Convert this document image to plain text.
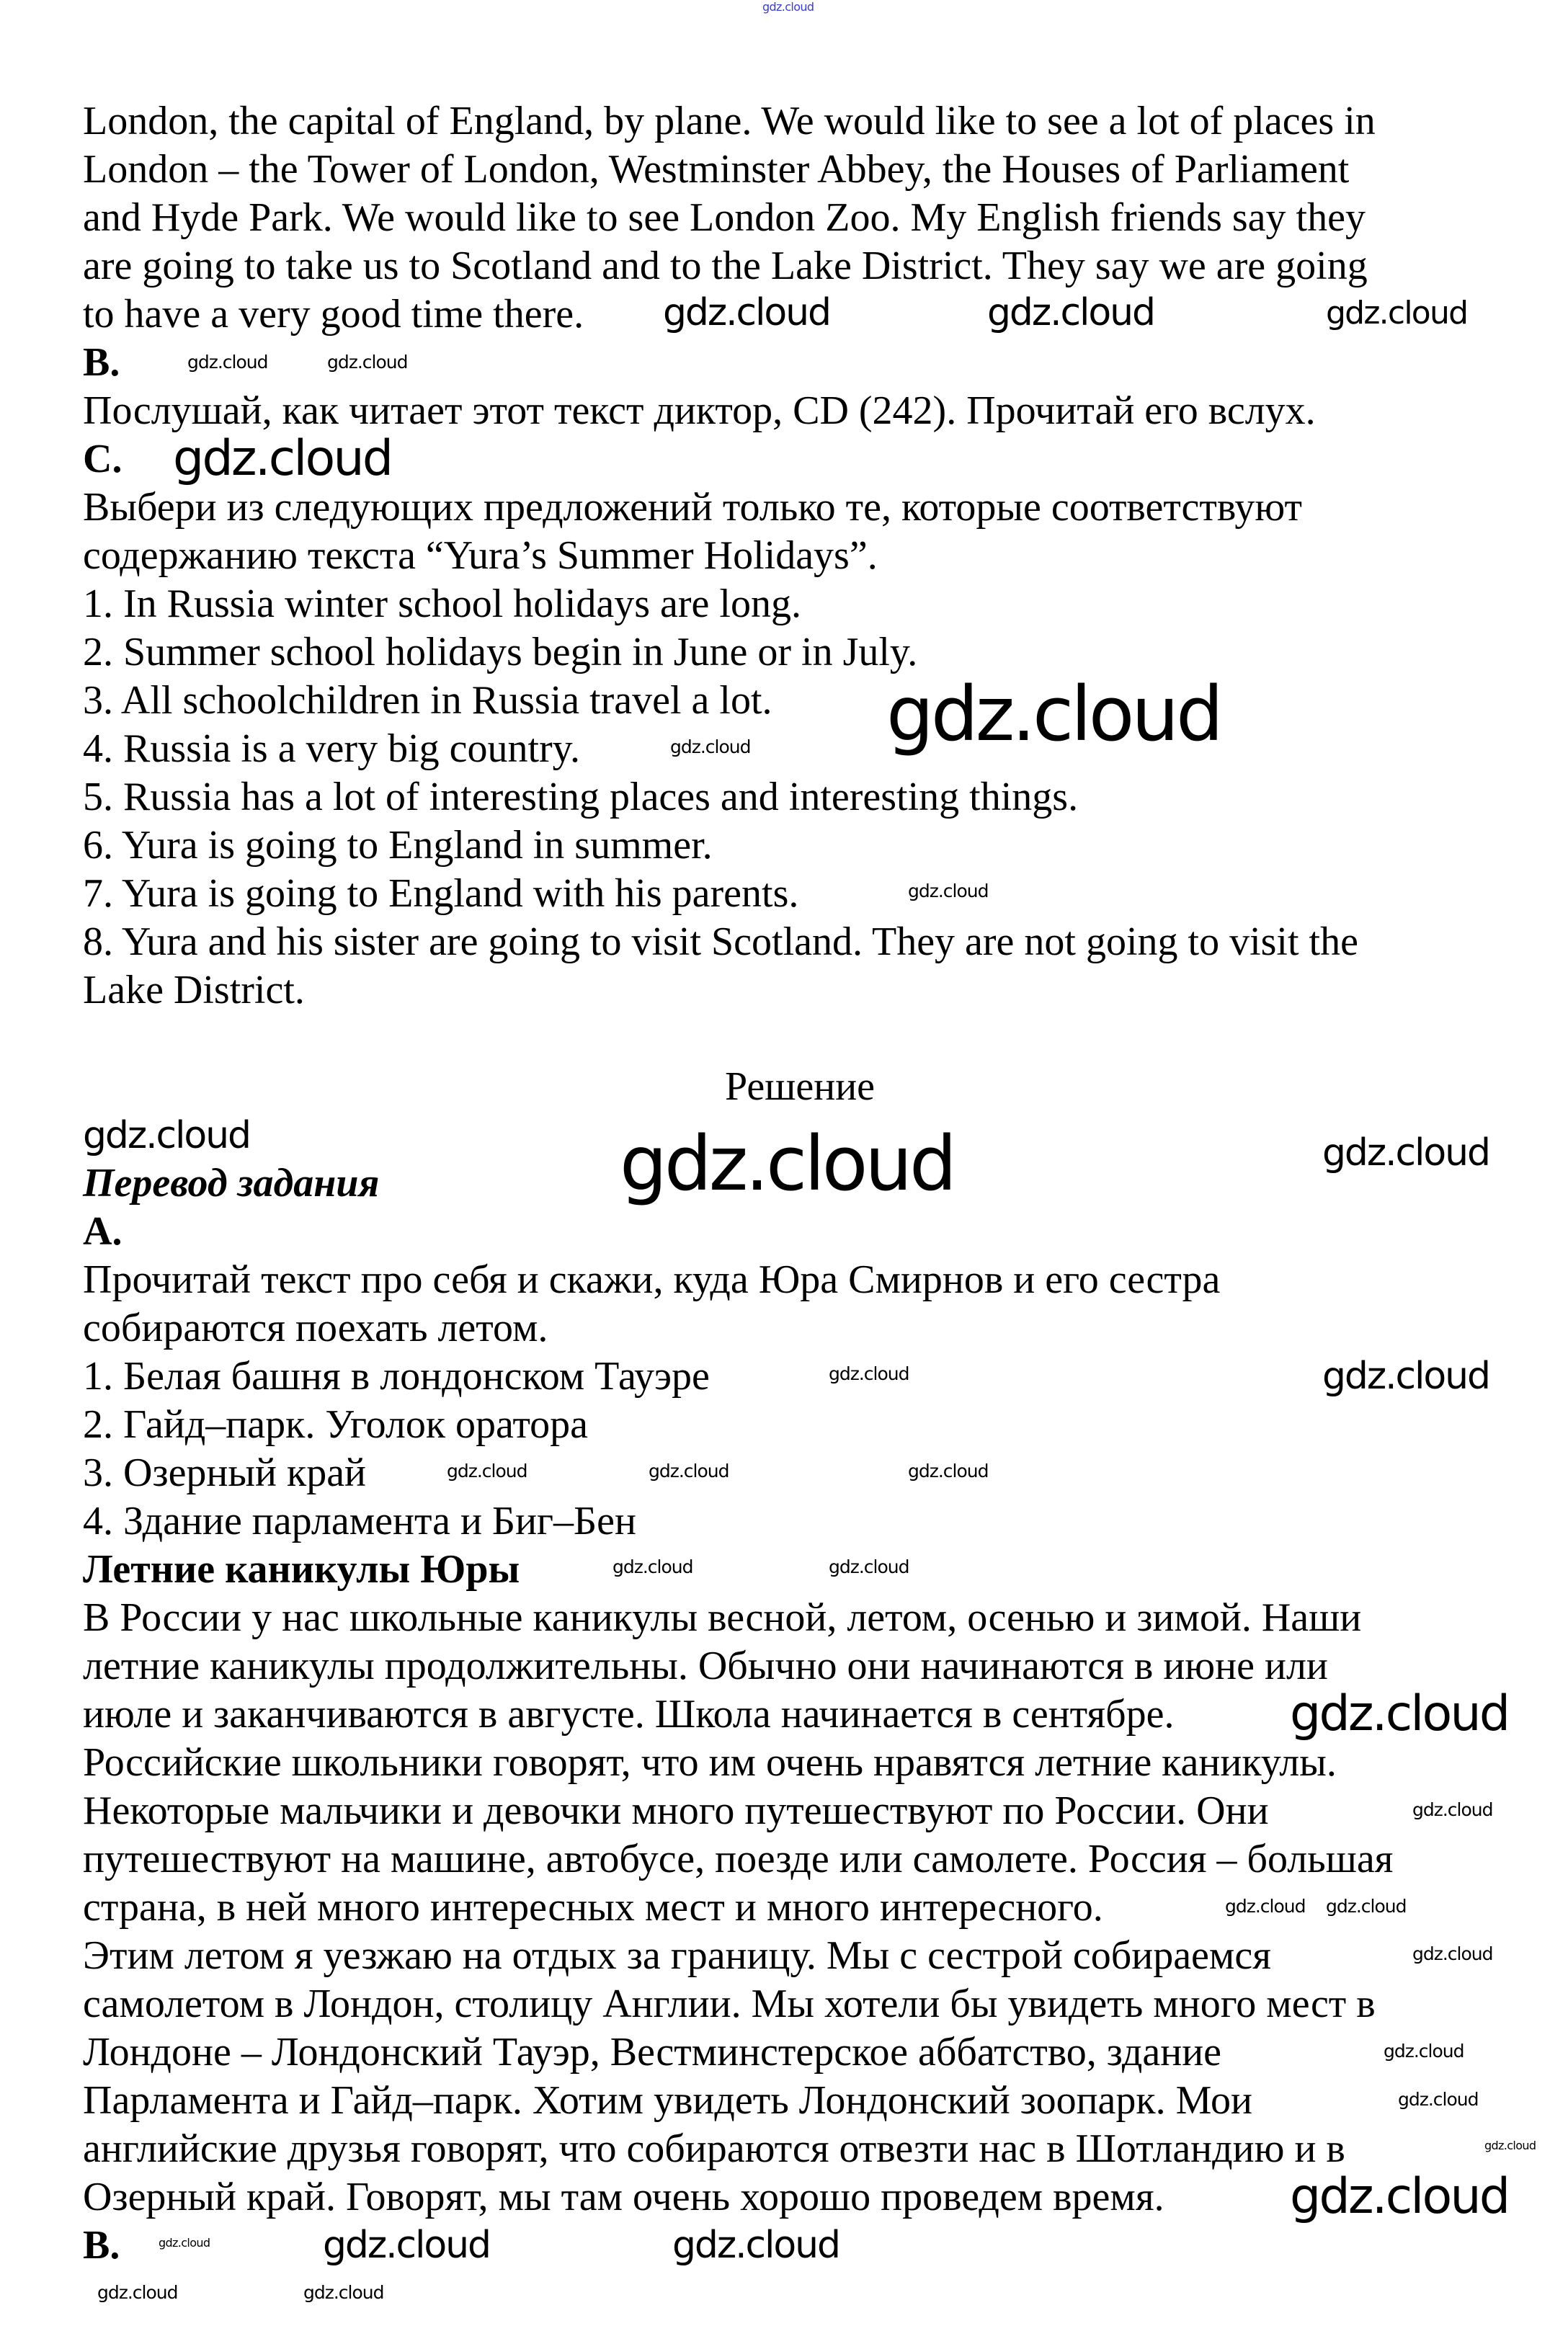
London, the capital of England, by plane. We would like to see a lot of places in
London – the Tower of London, Westminster Abbey, the Houses of Parliament
and Hyde Park. We would like to see London Zoo. My English friends say they
are going to take us to Scotland and to the Lake District. They say we are going
to have a very good time there.
B.
Послушай, как читает этот текст диктор, CD (242). Прочитай его вслух.
C.
Выбери из следующих предложений только те, которые соответствуют
содержанию текста “Yura’s Summer Holidays”.
1. In Russia winter school holidays are long.
2. Summer school holidays begin in June or in July.
3. All schoolchildren in Russia travel a lot.
4. Russia is a very big country.
5. Russia has a lot of interesting places and interesting things.
6. Yura is going to England in summer.
7. Yura is going to England with his parents.
8. Yura and his sister are going to visit Scotland. They are not going to visit the
Lake District.
Решение
Перевод задания
A.
Прочитай текст про себя и скажи, куда Юра Смирнов и его сестра
собираются поехать летом.
1. Белая башня в лондонском Тауэре
2. Гайд–парк. Уголок оратора
3. Озерный край
4. Здание парламента и Биг–Бен
Летние каникулы Юры
В России у нас школьные каникулы весной, летом, осенью и зимой. Наши
летние каникулы продолжительны. Обычно они начинаются в июне или
июле и заканчиваются в августе. Школа начинается в сентябре.
Российские школьники говорят, что им очень нравятся летние каникулы.
Некоторые мальчики и девочки много путешествуют по России. Они
путешествуют на машине, автобусе, поезде или самолете. Россия – большая
страна, в ней много интересных мест и много интересного.
Этим летом я уезжаю на отдых за границу. Мы с сестрой собираемся
самолетом в Лондон, столицу Англии. Мы хотели бы увидеть много мест в
Лондоне – Лондонский Тауэр, Вестминстерское аббатство, здание
Парламента и Гайд–парк. Хотим увидеть Лондонский зоопарк. Мои
английские друзья говорят, что собираются отвезти нас в Шотландию и в
Озерный край. Говорят, мы там очень хорошо проведем время.
B.
gdz.cloud
gdz.cloud	gdz.cloud
gdz.cloud	gdz.cloud	gdz.cloud
gdz.cloud
gdz.cloud
gdz.cloud
gdz.cloud
gdz.cloud	gdz.cloud	gdz.cloud
gdz.cloud
gdz.cloud
gdz.cloud
gdz.cloud	gdz.cloud	gdz.cloud
gdz.cloud
gdz.cloud
gdz.cloud gdz.cloud
gdz.cloud	gdz.cloud
gdz.cloud
gdz.cloud
gdz.cloud
gdz.cloud
gdz.cloud
gdz.cloud
gdz.cloud
gdz.cloud	gdz.cloud
